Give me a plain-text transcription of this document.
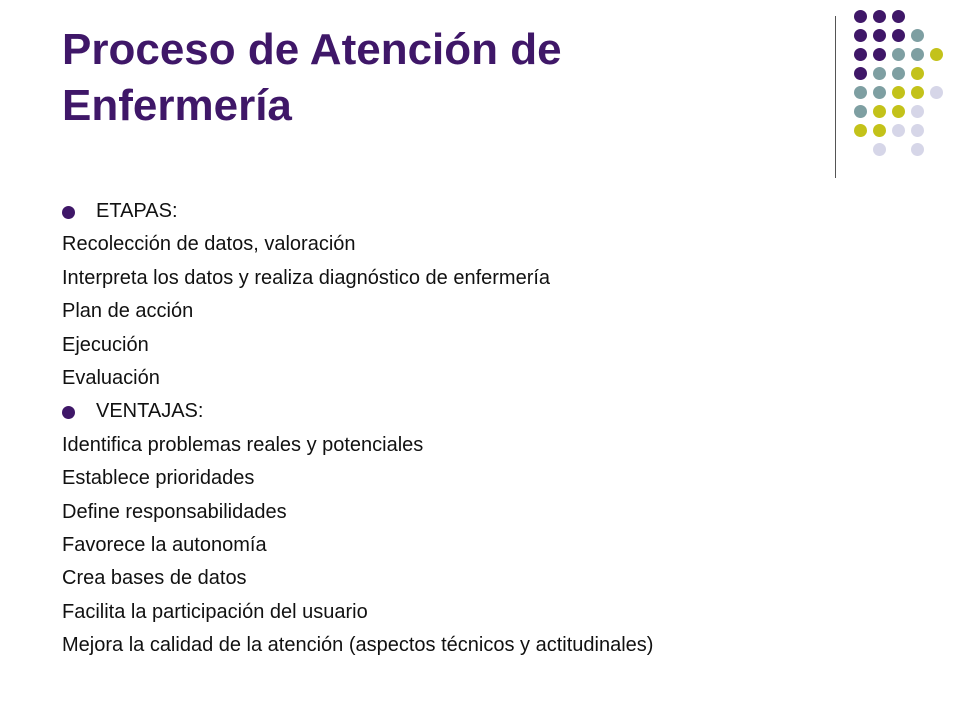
Proceso de Atención de
Enfermería
ETAPAS:
Recolección de datos, valoración
Interpreta los datos y realiza diagnóstico de enfermería
Plan de acción
Ejecución
Evaluación
VENTAJAS:
Identifica problemas reales y potenciales
Establece prioridades
Define responsabilidades
Favorece la autonomía
Crea bases de datos
Facilita la participación del usuario
Mejora la calidad de la atención (aspectos técnicos y actitudinales)
